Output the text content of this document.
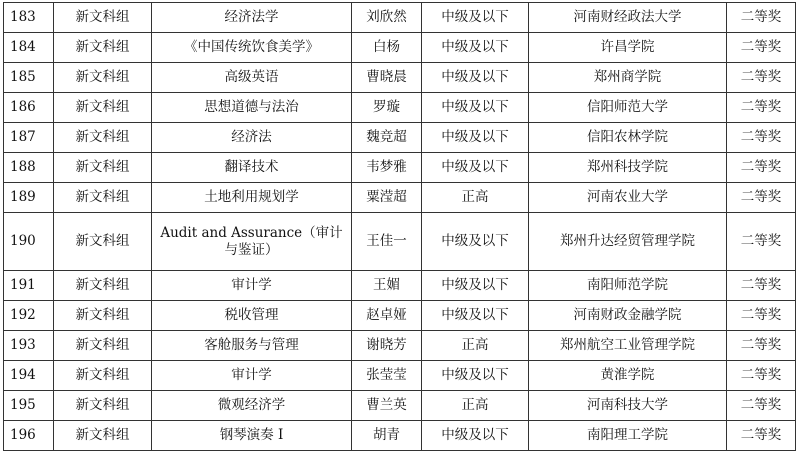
183	新文科组	经济法学	刘欣然	中级及以下	河南财经政法大学	二等奖
184	新文科组	《中国传统饮食美学》	白杨	中级及以下	许昌学院	二等奖
185	新文科组	高级英语	曹晓晨	中级及以下	郑州商学院	二等奖
186	新文科组	思想道德与法治	罗璇	中级及以下	信阳师范大学	二等奖
187	新文科组	经济法	魏竞超	中级及以下	信阳农林学院	二等奖
188	新文科组	翻译技术	韦梦雅	中级及以下	郑州科技学院	二等奖
189	新文科组	土地利用规划学	粟滢超	正高	河南农业大学	二等奖
190	新文科组	Audit and Assurance（审计与鉴证）	王佳一	中级及以下	郑州升达经贸管理学院	二等奖
191	新文科组	审计学	王媚	中级及以下	南阳师范学院	二等奖
192	新文科组	税收管理	赵卓娅	中级及以下	河南财政金融学院	二等奖
193	新文科组	客舱服务与管理	谢晓芳	正高	郑州航空工业管理学院	二等奖
194	新文科组	审计学	张莹莹	中级及以下	黄淮学院	二等奖
195	新文科组	微观经济学	曹兰英	正高	河南科技大学	二等奖
196	新文科组	钢琴演奏 I	胡青	中级及以下	南阳理工学院	二等奖
